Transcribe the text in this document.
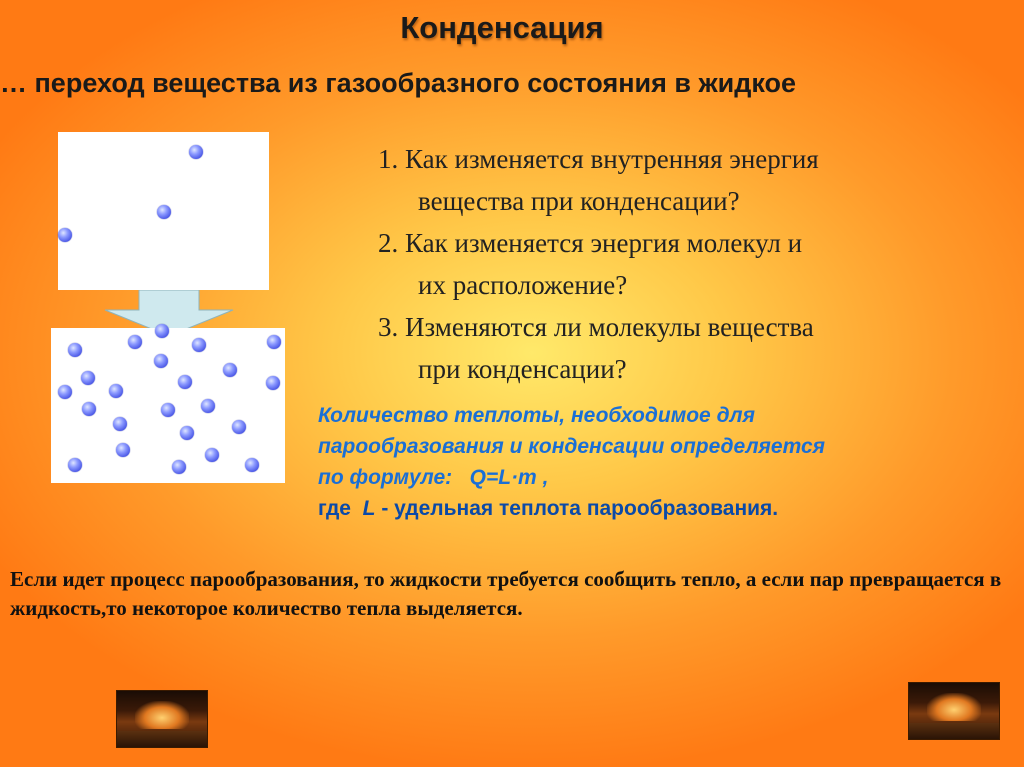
Конденсация
… переход вещества из газообразного состояния в жидкое
1. Как изменяется внутренняя энергия
вещества при конденсации?
2. Как изменяется энергия молекул и
их расположение?
3. Изменяются ли молекулы вещества
при конденсации?
Количество теплоты, необходимое для
парообразования и конденсации определяется
по формуле: Q=L·m ,
где L - удельная теплота парообразования.
Если идет процесс парообразования, то жидкости требуется сообщить тепло, а если пар превращается в жидкость,то некоторое количество тепла выделяется.
